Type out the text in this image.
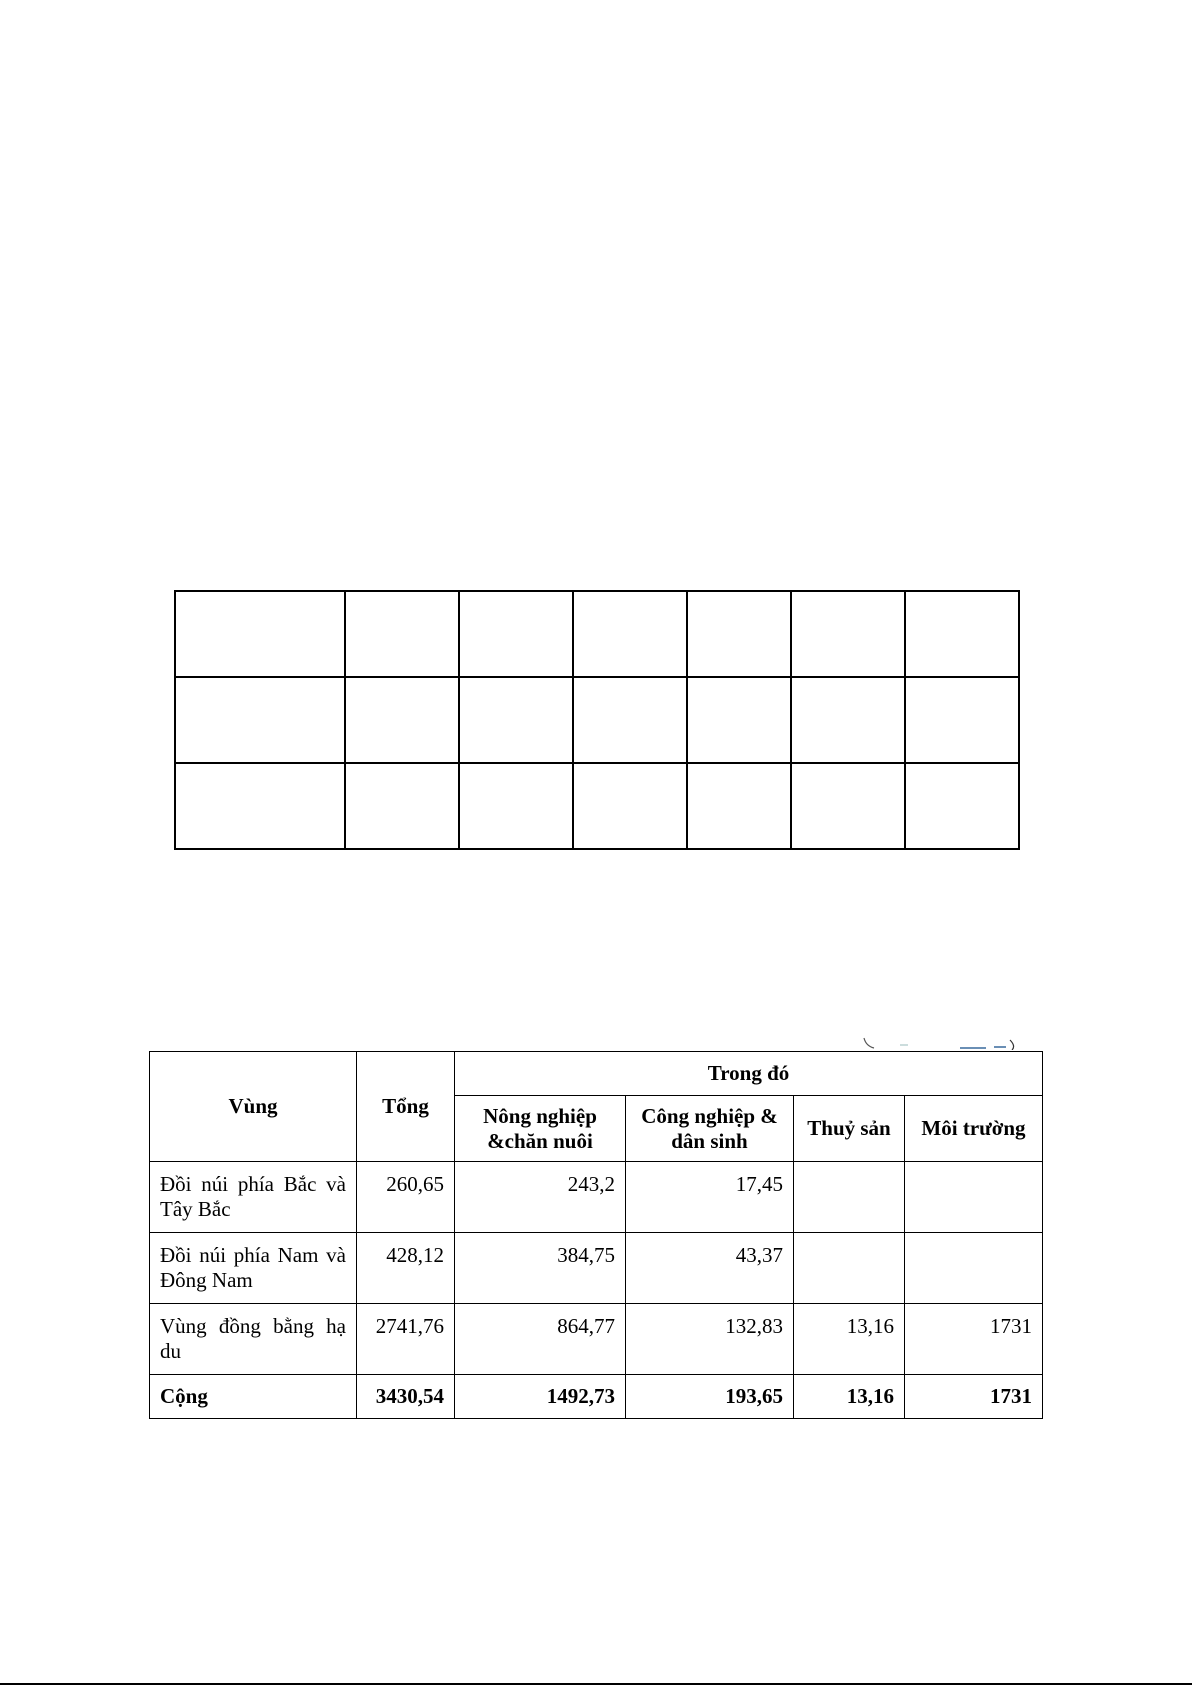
Vùng	Tổng	Trong đó			
		Nông nghiệp &chăn nuôi	Công nghiệp & dân sinh	Thuỷ sản	Môi trường
Đồi núi phía Bắc và Tây Bắc	260,65	243,2	17,45		
Đồi núi phía Nam và Đông Nam	428,12	384,75	43,37		
Vùng đồng bằng hạ du	2741,76	864,77	132,83	13,16	1731
Cộng	3430,54	1492,73	193,65	13,16	1731
